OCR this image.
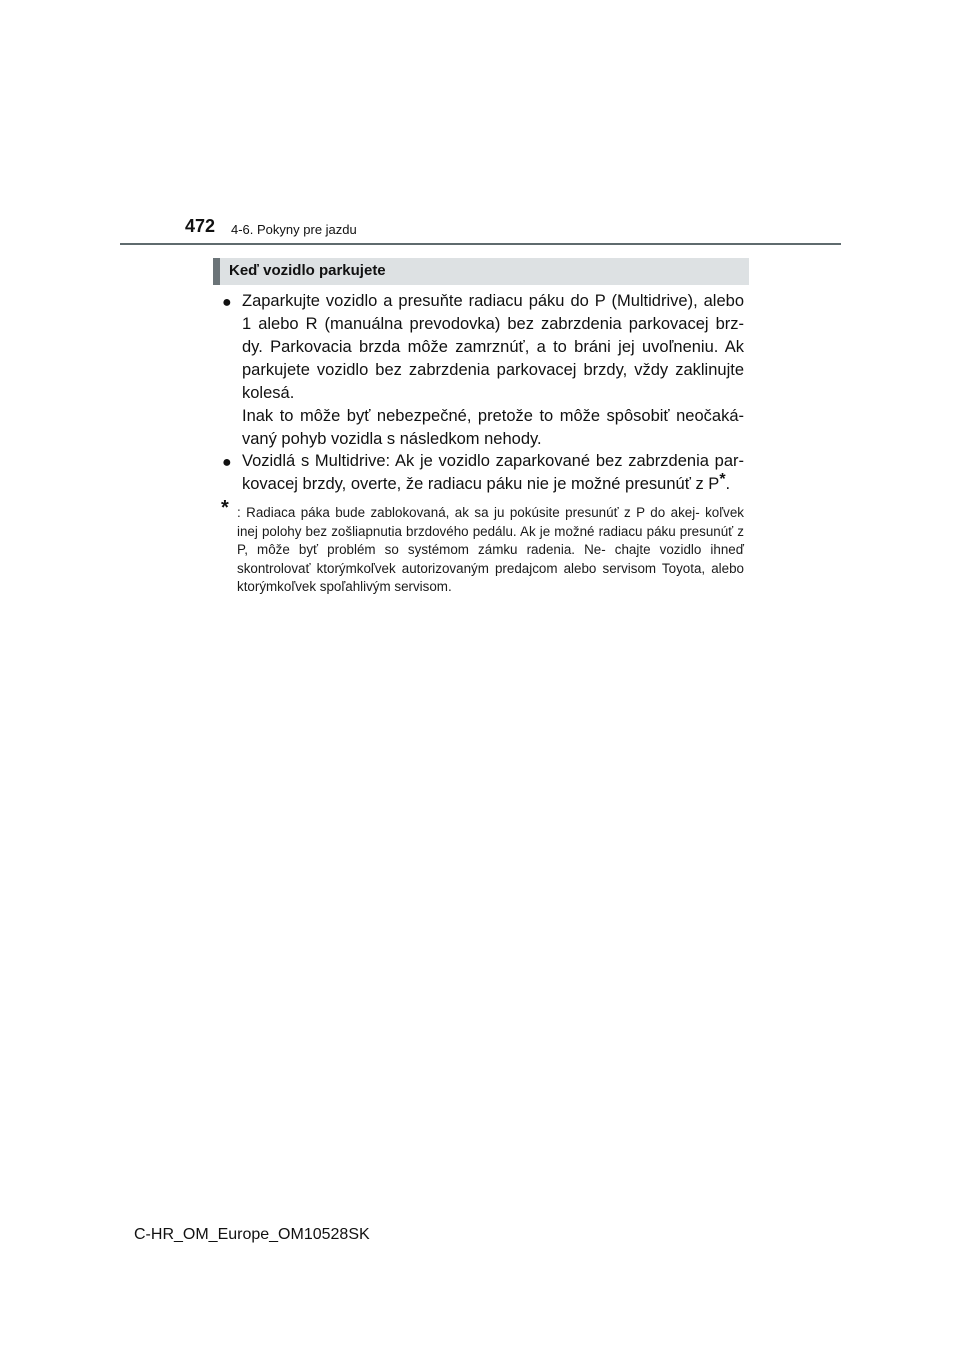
472 4-6. Pokyny pre jazdu
Keď vozidlo parkujete
● Zaparkujte vozidlo a presuňte radiacu páku do P (Multidrive), alebo 1 alebo R (manuálna prevodovka) bez zabrzdenia parkovacej brz- dy. Parkovacia brzda môže zamrznúť, a to bráni jej uvoľneniu. Ak parkujete vozidlo bez zabrzdenia parkovacej brzdy, vždy zaklinujte kolesá.

Inak to môže byť nebezpečné, pretože to môže spôsobiť neočaká- vaný pohyb vozidla s následkom nehody.

● Vozidlá s Multidrive: Ak je vozidlo zaparkované bez zabrzdenia par- kovacej brzdy, overte, že radiacu páku nie je možné presunúť z P*.
* : Radiaca páka bude zablokovaná, ak sa ju pokúsite presunúť z P do akej- koľvek inej polohy bez zošliapnutia brzdového pedálu. Ak je možné radiacu páku presunúť z P, môže byť problém so systémom zámku radenia. Ne- chajte vozidlo ihneď skontrolovať ktorýmkoľvek autorizovaným predajcom alebo servisom Toyota, alebo ktorýmkoľvek spoľahlivým servisom.
C-HR_OM_Europe_OM10528SK
